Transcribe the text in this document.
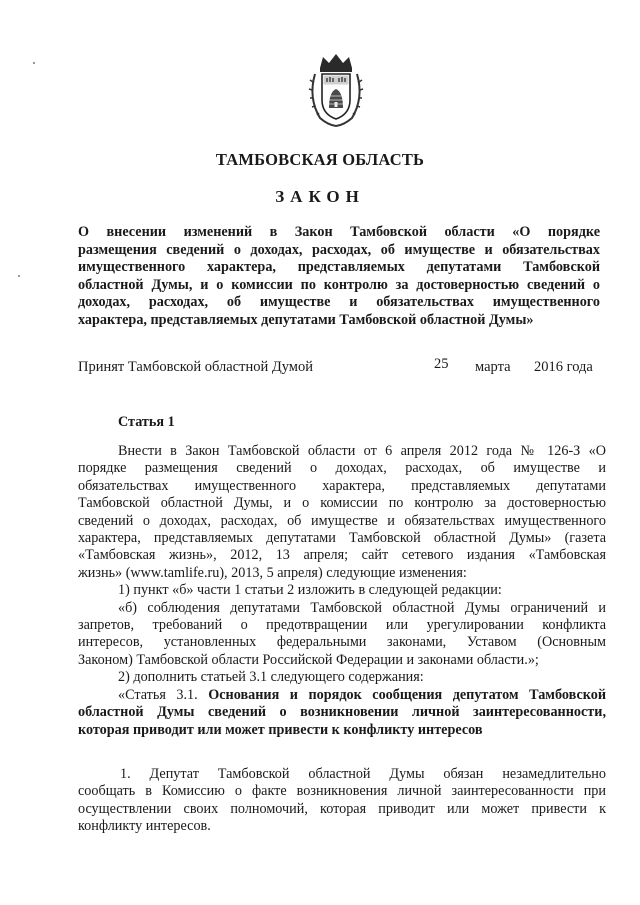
ТАМБОВСКАЯ ОБЛАСТЬ
ЗАКОН
О внесении изменений в Закон Тамбовской области «О порядке
размещения сведений о доходах, расходах, об имуществе и обязательствах
имущественного характера, представляемых депутатами Тамбовской
областной Думы, и о комиссии по контролю за достоверностью сведений о
доходах, расходах, об имуществе и обязательствах имущественного
характера, представляемых депутатами Тамбовской областной Думы»
Принят Тамбовской областной Думой	25 марта 2016 года
Статья 1
Внести в Закон Тамбовской области от 6 апреля 2012 года № 126-З «О
порядке размещения сведений о доходах, расходах, об имуществе и
обязательствах имущественного характера, представляемых депутатами
Тамбовской областной Думы, и о комиссии по контролю за достоверностью
сведений о доходах, расходах, об имуществе и обязательствах имущественного
характера, представляемых депутатами Тамбовской областной Думы» (газета
«Тамбовская жизнь», 2012, 13 апреля; сайт сетевого издания «Тамбовская
жизнь» (www.tamlife.ru), 2013, 5 апреля) следующие изменения:
1) пункт «б» части 1 статьи 2 изложить в следующей редакции:
«б) соблюдения депутатами Тамбовской областной Думы ограничений и
запретов, требований о предотвращении или урегулировании конфликта
интересов, установленных федеральными законами, Уставом (Основным
Законом) Тамбовской области Российской Федерации и законами области.»;
2) дополнить статьей 3.1 следующего содержания:
«Статья 3.1. Основания и порядок сообщения депутатом Тамбовской
областной Думы сведений о возникновении личной заинтересованности,
которая приводит или может привести к конфликту интересов
1. Депутат Тамбовской областной Думы обязан незамедлительно
сообщать в Комиссию о факте возникновения личной заинтересованности при
осуществлении своих полномочий, которая приводит или может привести к
конфликту интересов.
